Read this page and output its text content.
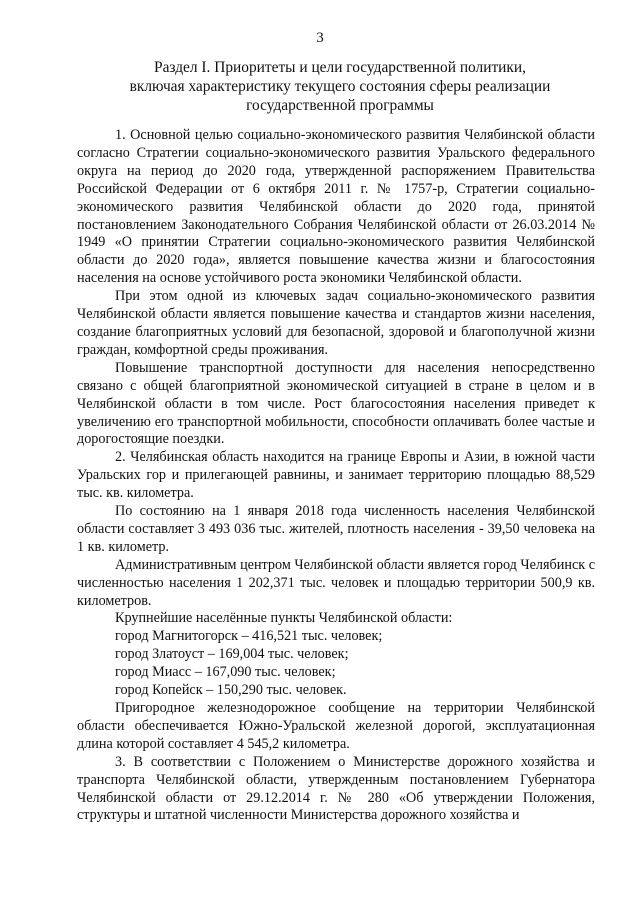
3
Раздел I. Приоритеты и цели государственной политики,
включая характеристику текущего состояния сферы реализации
государственной программы

1. Основной целью социально-экономического развития Челябинской области согласно Стратегии социально-экономического развития Уральского федерального округа на период до 2020 года, утвержденной распоряжением Правительства Российской Федерации от 6 октября 2011 г. № 1757-р, Стратегии социально-экономического развития Челябинской области до 2020 года, принятой постановлением Законодательного Собрания Челябинской области от 26.03.2014 № 1949 «О принятии Стратегии социально-экономического развития Челябинской области до 2020 года», является повышение качества жизни и благосостояния населения на основе устойчивого роста экономики Челябинской области.

При этом одной из ключевых задач социально-экономического развития Челябинской области является повышение качества и стандартов жизни населения, создание благоприятных условий для безопасной, здоровой и благополучной жизни граждан, комфортной среды проживания.

Повышение транспортной доступности для населения непосредственно связано с общей благоприятной экономической ситуацией в стране в целом и в Челябинской области в том числе. Рост благосостояния населения приведет к увеличению его транспортной мобильности, способности оплачивать более частые и дорогостоящие поездки.

2. Челябинская область находится на границе Европы и Азии, в южной части Уральских гор и прилегающей равнины, и занимает территорию площадью 88,529 тыс. кв. километра.

По состоянию на 1 января 2018 года численность населения Челябинской области составляет 3 493 036 тыс. жителей, плотность населения - 39,50 человека на 1 кв. километр.

Административным центром Челябинской области является город Челябинск с численностью населения 1 202,371 тыс. человек и площадью территории 500,9 кв. километров.

Крупнейшие населённые пункты Челябинской области:

город Магнитогорск – 416,521 тыс. человек;
город Златоуст – 169,004 тыс. человек;
город Миасс – 167,090 тыс. человек;
город Копейск – 150,290 тыс. человек.

Пригородное железнодорожное сообщение на территории Челябинской области обеспечивается Южно-Уральской железной дорогой, эксплуатационная длина которой составляет 4 545,2 километра.

3. В соответствии с Положением о Министерстве дорожного хозяйства и транспорта Челябинской области, утвержденным постановлением Губернатора Челябинской области от 29.12.2014 г. № 280 «Об утверждении Положения, структуры и штатной численности Министерства дорожного хозяйства и
